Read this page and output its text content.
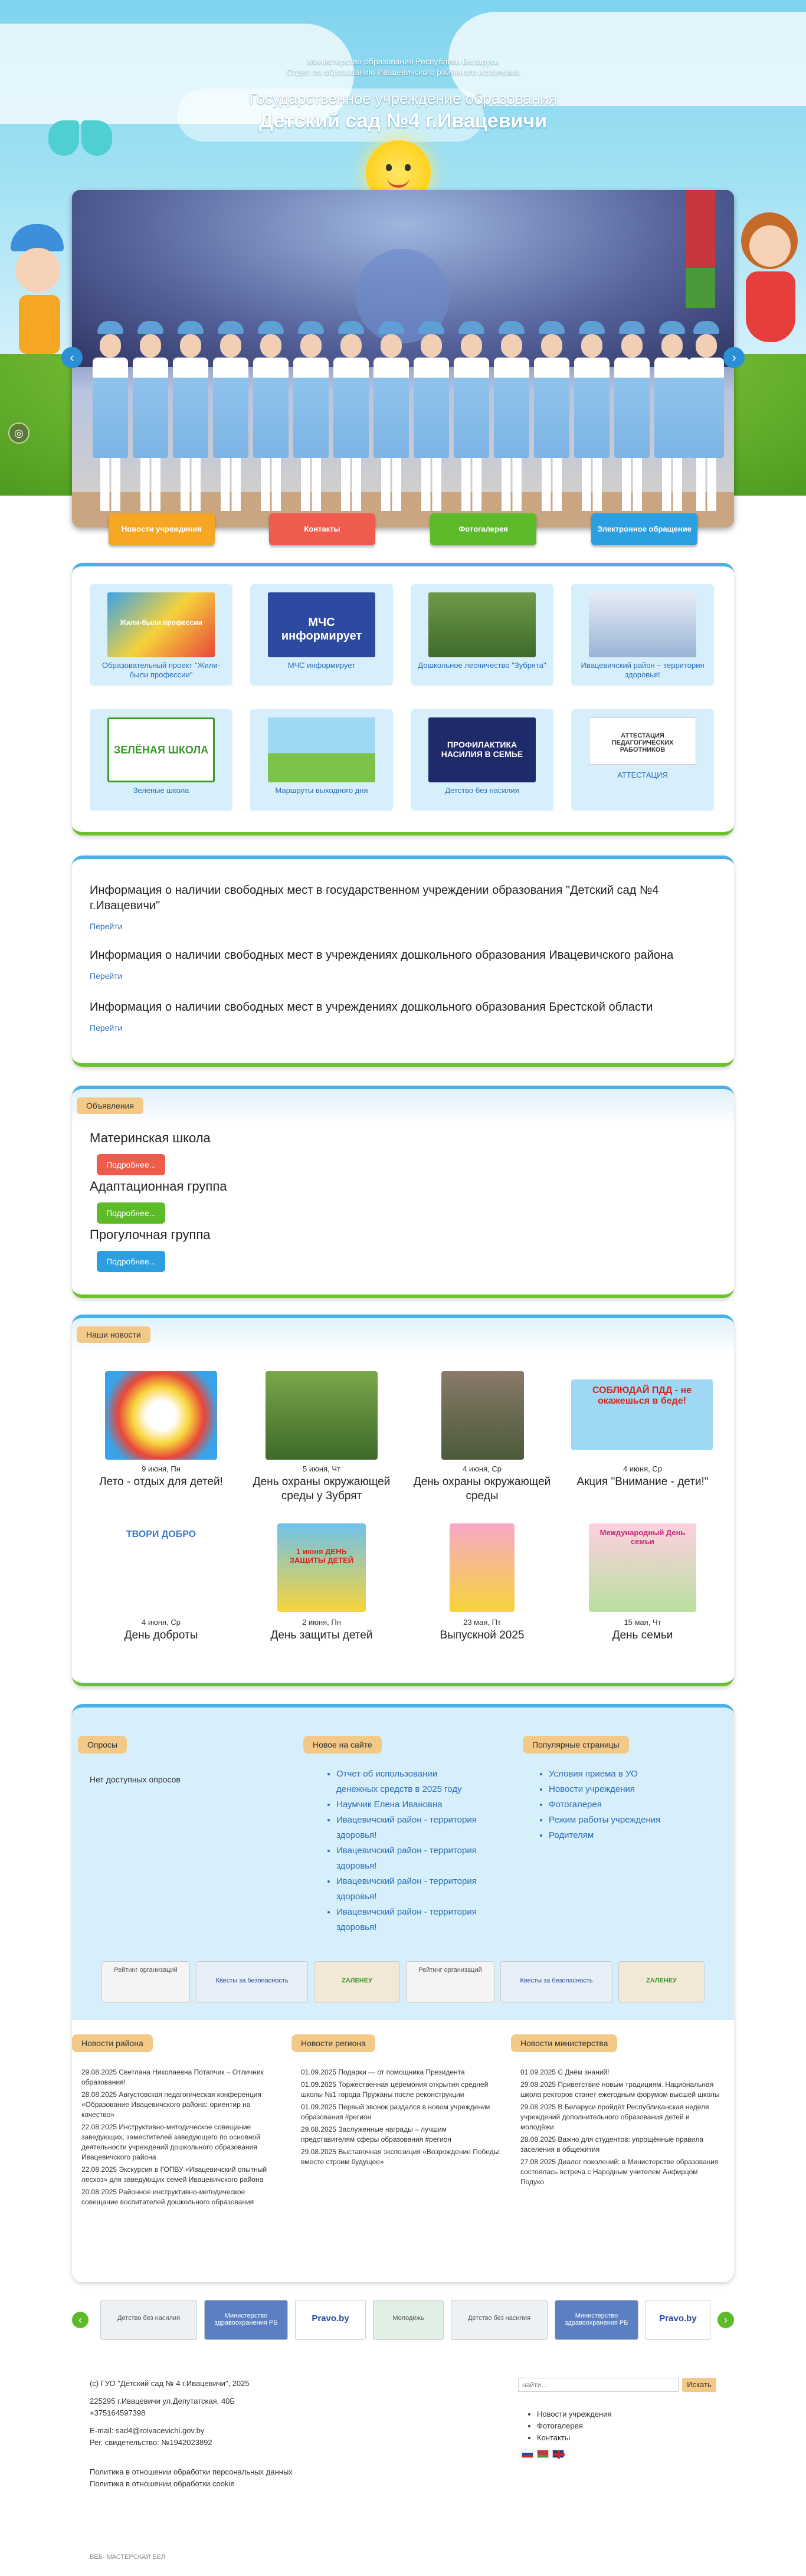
Министерство образования Республики Беларусь
Отдел по образованию Ивацевичского районного исполкома
Государственное учреждение образования
Детский сад №4 г.Ивацевичи
◎
‹	›
Новости учреждения	Контакты	Фотогалерея	Электронное обращение
Жили-были профессии
Образовательный проект "Жили-были профессии"
МЧС информирует
МЧС информирует	Дошкольное лесничество "Зубрята"	Ивацевичский район – территория здоровья!
ЗЕЛЁНАЯ ШКОЛА
Зеленые школа	Маршруты выходного дня
ПРОФИЛАКТИКА НАСИЛИЯ В СЕМЬЕ
Детство без насилия
АТТЕСТАЦИЯ ПЕДАГОГИЧЕСКИХ РАБОТНИКОВ
АТТЕСТАЦИЯ
Информация о наличии свободных мест в государственном учреждении образования "Детский сад №4 г.Ивацевичи"
Перейти
Информация о наличии свободных мест в учреждениях дошкольного образования Ивацевичского района
Перейти
Информация о наличии свободных мест в учреждениях дошкольного образования Брестской области
Перейти
Объявления
Материнская школа
Подробнее...
Адаптационная группа
Подробнее...
Прогулочная группа
Подробнее...
Наши новости
9 июня, Пн
Лето - отдых для детей!
5 июня, Чт
День охраны окружающей среды у Зубрят
4 июня, Ср
День охраны окружающей среды
СОБЛЮДАЙ ПДД - не окажешься в беде!
4 июня, Ср
Акция "Внимание - дети!"
ТВОРИ ДОБРО
4 июня, Ср
День доброты
1 июня ДЕНЬ ЗАЩИТЫ ДЕТЕЙ
2 июня, Пн
День защиты детей
23 мая, Пт
Выпускной 2025
Международный День семьи
15 мая, Чт
День семьи
Опросы
Нет доступных опросов
Новое на сайте
• Отчет об использовании денежных средств в 2025 году
• Наумчик Елена Ивановна
• Ивацевичский район - территория здоровья!
• Ивацевичский район - территория здоровья!
• Ивацевичский район - территория здоровья!
• Ивацевичский район - территория здоровья!
Популярные страницы
• Условия приема в УО
• Новости учреждения
• Фотогалерея
• Режим работы учреждения
• Родителям
Рейтинг организаций
Квесты за безопасность	ZAЛЕНЕУ
Рейтинг организаций
Квесты за безопасность	ZAЛЕНЕУ
Новости района

29.08.2025 Светлана Николаевна Потапчик – Отличник образования!

28.08.2025 Августовская педагогическая конференция «Образование Ивацевичского района: ориентир на качество»

22.08.2025 Инструктивно-методическое совещание заведующих, заместителей заведующего по основной деятельности учреждений дошкольного образования Ивацевичского района

22.08.2025 Экскурсия в ГОПВУ «Ивацевичский опытный лесхоз» для заведующих семей Ивацевичского района

20.08.2025 Районное инструктивно-методическое совещание воспитателей дошкольного образования

Новости региона

01.09.2025 Подарки — от помощника Президента

01.09.2025 Торжественная церемония открытия средней школы №1 города Пружаны после реконструкции

01.09.2025 Первый звонок раздался в новом учреждении образования #регион

29.08.2025 Заслуженные награды – лучшим представителям сферы образования #регион

29.08.2025 Выставочная экспозиция «Возрождение Победы: вместе строим будущее»

Новости министерства

01.09.2025 С Днём знаний!

29.08.2025 Приветствие новым традициям. Национальная школа ректоров станет ежегодным форумом высшей школы

29.08.2025 В Беларуси пройдёт Республиканская неделя учреждений дополнительного образования детей и молодёжи

28.08.2025 Важно для студентов: упрощённые правила заселения в общежития

27.08.2025 Диалог поколений: в Министерстве образования состоялась встреча с Народным учителем Анфирцом Подуко

‹	Детство без насилия	Министерство здравоохранения РБ	Pravo.by	Молодёжь	Детство без насилия	Министерство здравоохранения РБ	Pravo.by	›
(с) ГУО "Детский сад № 4 г.Ивацевичи", 2025
225295 г.Ивацевичи ул.Депутатская, 40Б
+375164597398
E-mail: sad4@roivacevichi.gov.by
Рег. свидетельство: №1942023892
Политика в отношении обработки персональных данных
Политика в отношении обработки cookie
найти...
Искать
• Новости учреждения
• Фотогалерея
• Контакты
ВЕБ- МАСТЕРСКАЯ БЕЛ
